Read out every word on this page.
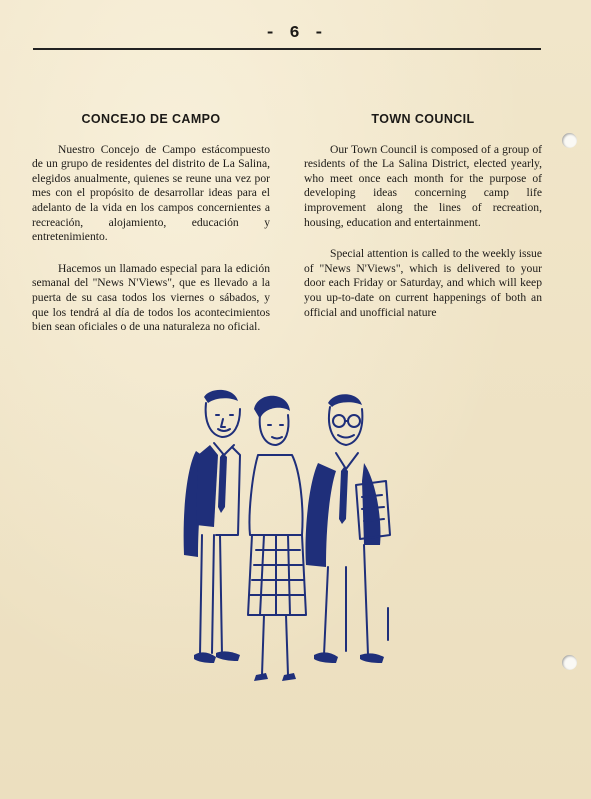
- 6 -
CONCEJO DE CAMPO

Nuestro Concejo de Campo estácompuesto de un grupo de residentes del distrito de La Salina, elegidos anualmente, quienes se reune una vez por mes con el propósito de desarrollar ideas para el adelanto de la vida en los campos concernientes a recreación, alojamiento, educación y entretenimiento.

Hacemos un llamado especial para la edición semanal del "News N'Views", que es llevado a la puerta de su casa todos los viernes o sábados, y que los tendrá al día de todos los acontecimientos bien sean oficiales o de una naturaleza no oficial.

TOWN COUNCIL

Our Town Council is composed of a group of residents of the La Salina District, elected yearly, who meet once each month for the purpose of developing ideas concerning camp life improvement along the lines of recreation, housing, education and entertainment.

Special attention is called to the weekly issue of "News N'Views", which is delivered to your door each Friday or Saturday, and which will keep you up-to-date on current happenings of both an official and unofficial nature
